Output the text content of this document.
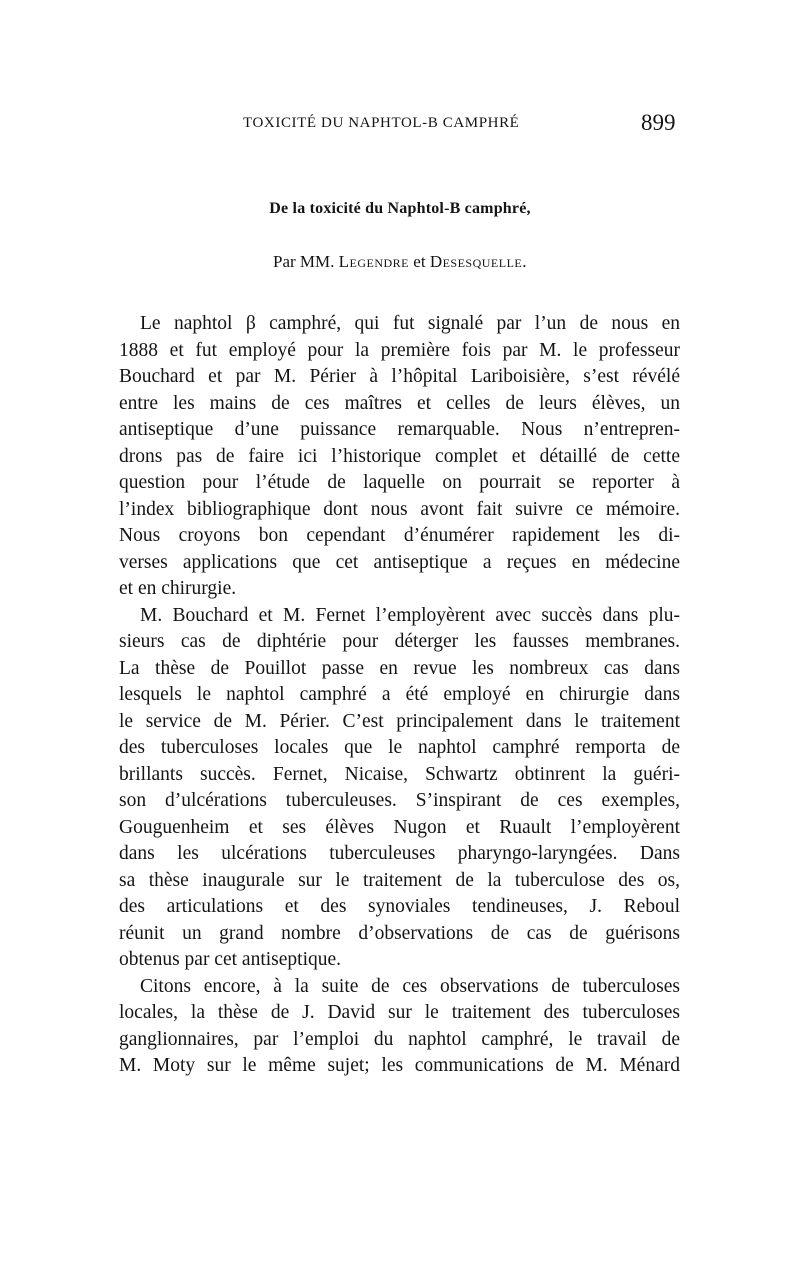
TOXICITÉ DU NAPHTOL-B CAMPHRÉ	899
De la toxicité du Naphtol-B camphré,
Par MM. Legendre et Desesquelle.
Le naphtol β camphré, qui fut signalé par l’un de nous en
1888 et fut employé pour la première fois par M. le professeur
Bouchard et par M. Périer à l’hôpital Lariboisière, s’est révélé
entre les mains de ces maîtres et celles de leurs élèves, un
antiseptique d’une puissance remarquable. Nous n’entrepren-
drons pas de faire ici l’historique complet et détaillé de cette
question pour l’étude de laquelle on pourrait se reporter à
l’index bibliographique dont nous avont fait suivre ce mémoire.
Nous croyons bon cependant d’énumérer rapidement les di-
verses applications que cet antiseptique a reçues en médecine
et en chirurgie.
M. Bouchard et M. Fernet l’employèrent avec succès dans plu-
sieurs cas de diphtérie pour déterger les fausses membranes.
La thèse de Pouillot passe en revue les nombreux cas dans
lesquels le naphtol camphré a été employé en chirurgie dans
le service de M. Périer. C’est principalement dans le traitement
des tuberculoses locales que le naphtol camphré remporta de
brillants succès. Fernet, Nicaise, Schwartz obtinrent la guéri-
son d’ulcérations tuberculeuses. S’inspirant de ces exemples,
Gouguenheim et ses élèves Nugon et Ruault l’employèrent
dans les ulcérations tuberculeuses pharyngo-laryngées. Dans
sa thèse inaugurale sur le traitement de la tuberculose des os,
des articulations et des synoviales tendineuses, J. Reboul
réunit un grand nombre d’observations de cas de guérisons
obtenus par cet antiseptique.
Citons encore, à la suite de ces observations de tuberculoses
locales, la thèse de J. David sur le traitement des tuberculoses
ganglionnaires, par l’emploi du naphtol camphré, le travail de
M. Moty sur le même sujet; les communications de M. Ménard
